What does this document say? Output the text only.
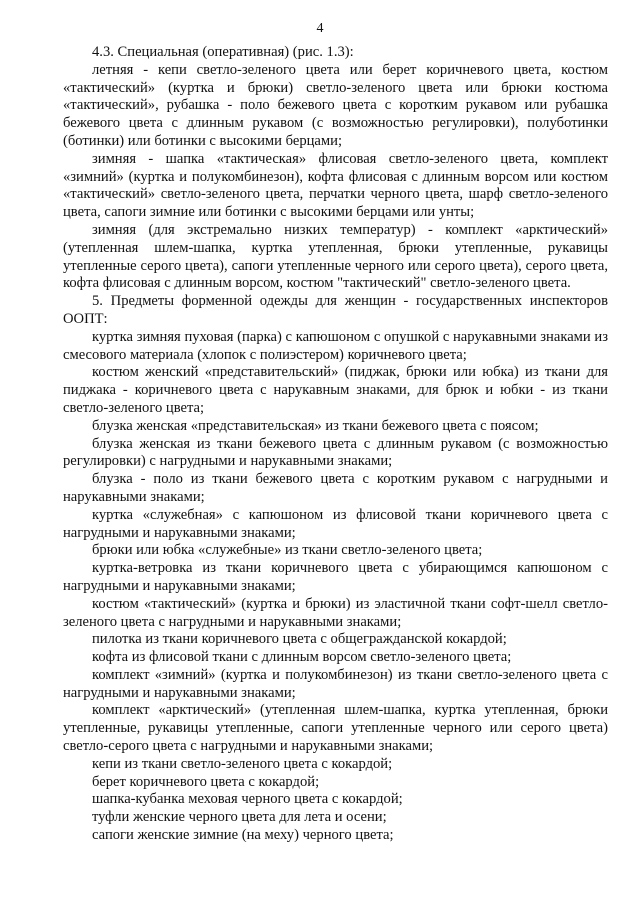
4

4.3. Специальная (оперативная) (рис. 1.3):

летняя - кепи светло-зеленого цвета или берет коричневого цвета, костюм «тактический» (куртка и брюки) светло-зеленого цвета или брюки костюма «тактический», рубашка - поло бежевого цвета с коротким рукавом или рубашка бежевого цвета с длинным рукавом (с возможностью регулировки), полуботинки (ботинки) или ботинки с высокими берцами;

зимняя - шапка «тактическая» флисовая светло-зеленого цвета, комплект «зимний» (куртка и полукомбинезон), кофта флисовая с длинным ворсом или костюм «тактический» светло-зеленого цвета, перчатки черного цвета, шарф светло-зеленого цвета, сапоги зимние или ботинки с высокими берцами или унты;

зимняя (для экстремально низких температур) - комплект «арктический» (утепленная шлем-шапка, куртка утепленная, брюки утепленные, рукавицы утепленные серого цвета), сапоги утепленные черного или серого цвета), серого цвета, кофта флисовая с длинным ворсом, костюм "тактический" светло-зеленого цвета.

5. Предметы форменной одежды для женщин - государственных инспекторов ООПТ:

куртка зимняя пуховая (парка) с капюшоном с опушкой с нарукавными знаками из смесового материала (хлопок с полиэстером) коричневого цвета;

костюм женский «представительский» (пиджак, брюки или юбка) из ткани для пиджака - коричневого цвета с нарукавным знаками, для брюк и юбки - из ткани светло-зеленого цвета;

блузка женская «представительская» из ткани бежевого цвета с поясом;

блузка женская из ткани бежевого цвета с длинным рукавом (с возможностью регулировки) с нагрудными и нарукавными знаками;

блузка - поло из ткани бежевого цвета с коротким рукавом с нагрудными и нарукавными знаками;

куртка «служебная» с капюшоном из флисовой ткани коричневого цвета с нагрудными и нарукавными знаками;

брюки или юбка «служебные» из ткани светло-зеленого цвета;

куртка-ветровка из ткани коричневого цвета с убирающимся капюшоном с нагрудными и нарукавными знаками;

костюм «тактический» (куртка и брюки) из эластичной ткани софт-шелл светло-зеленого цвета с нагрудными и нарукавными знаками;

пилотка из ткани коричневого цвета с общегражданской кокардой;

кофта из флисовой ткани с длинным ворсом светло-зеленого цвета;

комплект «зимний» (куртка и полукомбинезон) из ткани светло-зеленого цвета с нагрудными и нарукавными знаками;

комплект «арктический» (утепленная шлем-шапка, куртка утепленная, брюки утепленные, рукавицы утепленные, сапоги утепленные черного или серого цвета) светло-серого цвета с нагрудными и нарукавными знаками;

кепи из ткани светло-зеленого цвета с кокардой;

берет коричневого цвета с кокардой;

шапка-кубанка меховая черного цвета с кокардой;

туфли женские черного цвета для лета и осени;

сапоги женские зимние (на меху) черного цвета;
